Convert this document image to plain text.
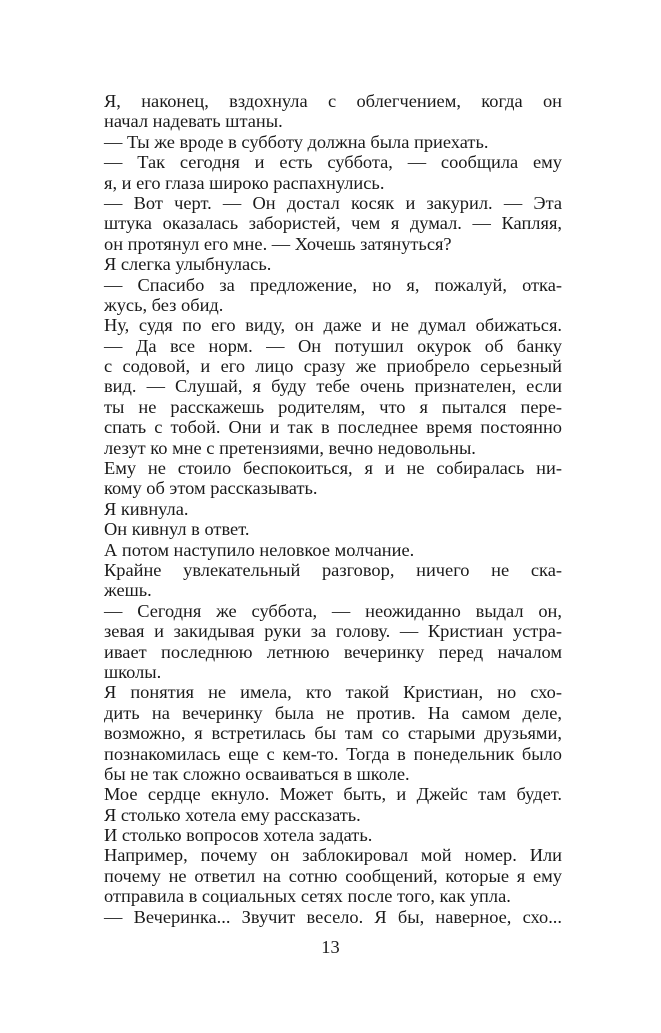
Я, наконец, вздохнула с облегчением, когда он
начал надевать штаны.
— Ты же вроде в субботу должна была приехать.
— Так сегодня и есть суббота, — сообщила ему
я, и его глаза широко распахнулись.
— Вот черт. — Он достал косяк и закурил. — Эта
штука оказалась забористей, чем я думал. — Капляя,
он протянул его мне. — Хочешь затянуться?
Я слегка улыбнулась.
— Спасибо за предложение, но я, пожалуй, отка-
жусь, без обид.
Ну, судя по его виду, он даже и не думал обижаться.
— Да все норм. — Он потушил окурок об банку
с содовой, и его лицо сразу же приобрело серьезный
вид. — Слушай, я буду тебе очень признателен, если
ты не расскажешь родителям, что я пытался пере-
спать с тобой. Они и так в последнее время постоянно
лезут ко мне с претензиями, вечно недовольны.
Ему не стоило беспокоиться, я и не собиралась ни-
кому об этом рассказывать.
Я кивнула.
Он кивнул в ответ.
А потом наступило неловкое молчание.
Крайне увлекательный разговор, ничего не ска-
жешь.
— Сегодня же суббота, — неожиданно выдал он,
зевая и закидывая руки за голову. — Кристиан устра-
ивает последнюю летнюю вечеринку перед началом
школы.
Я понятия не имела, кто такой Кристиан, но схо-
дить на вечеринку была не против. На самом деле,
возможно, я встретилась бы там со старыми друзьями,
познакомилась еще с кем-то. Тогда в понедельник было
бы не так сложно осваиваться в школе.
Мое сердце екнуло. Может быть, и Джейс там будет.
Я столько хотела ему рассказать.
И столько вопросов хотела задать.
Например, почему он заблокировал мой номер. Или
почему не ответил на сотню сообщений, которые я ему
отправила в социальных сетях после того, как уплa.
— Вечеринка... Звучит весело. Я бы, наверное, схо...
13
